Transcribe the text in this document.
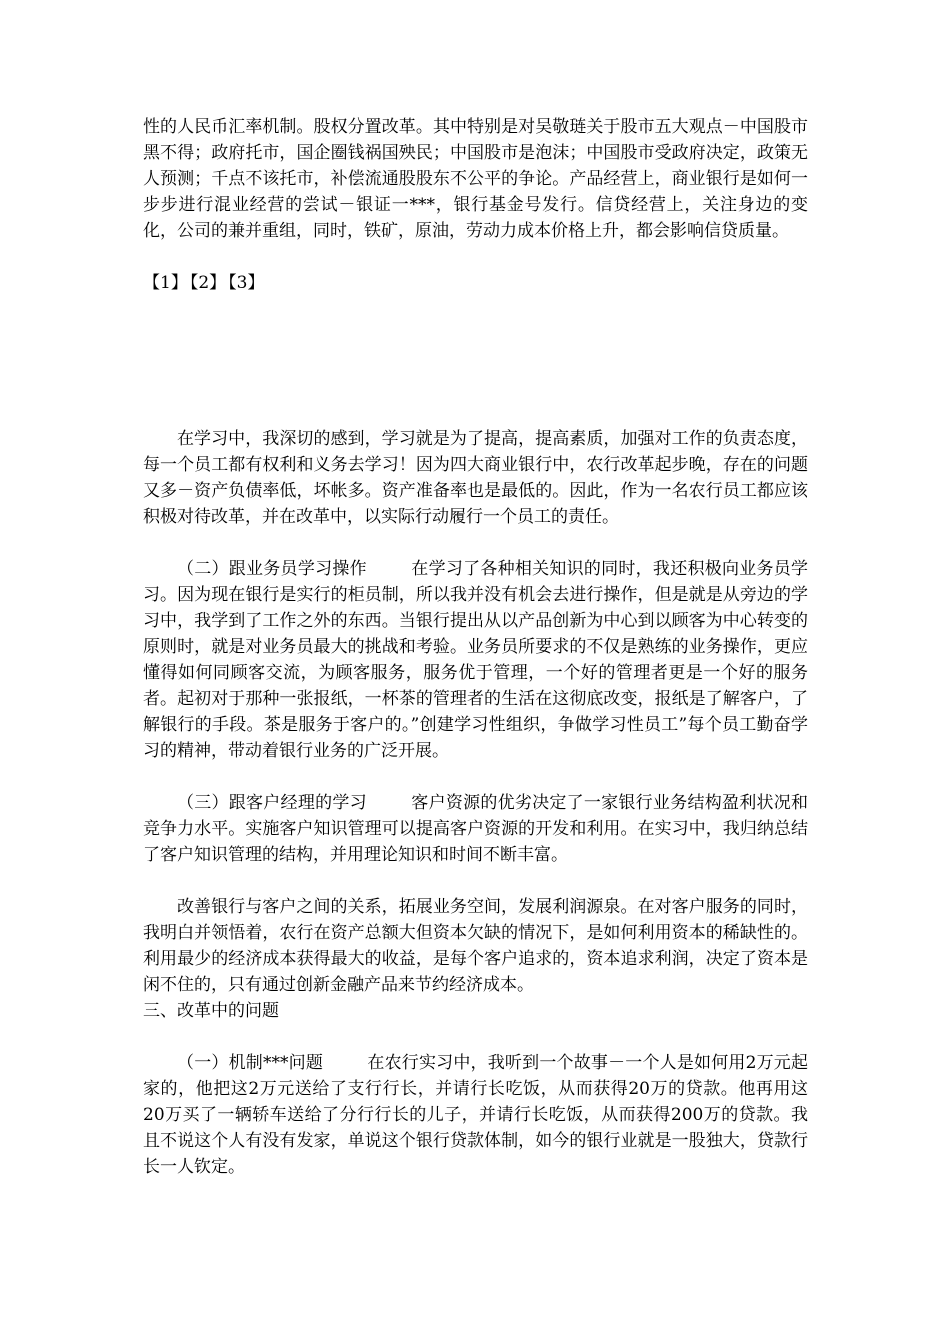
性的人民币汇率机制。股权分置改革。其中特别是对吴敬琏关于股市五大观点－中国股市黑不得；政府托市，国企圈钱祸国殃民；中国股市是泡沫；中国股市受政府决定，政策无人预测；千点不该托市，补偿流通股股东不公平的争论。产品经营上，商业银行是如何一步步进行混业经营的尝试－银证一***，银行基金号发行。信贷经营上，关注身边的变化，公司的兼并重组，同时，铁矿，原油，劳动力成本价格上升，都会影响信贷质量。

【1】 【2】 【3】

在学习中，我深切的感到，学习就是为了提高，提高素质，加强对工作的负责态度，每一个员工都有权利和义务去学习！因为四大商业银行中，农行改革起步晚，存在的问题又多－资产负债率低，坏帐多。资产准备率也是最低的。因此，作为一名农行员工都应该积极对待改革，并在改革中，以实际行动履行一个员工的责任。

（二）跟业务员学习操作	在学习了各种相关知识的同时，我还积极向业务员学习。因为现在银行是实行的柜员制，所以我并没有机会去进行操作，但是就是从旁边的学习中，我学到了工作之外的东西。当银行提出从以产品创新为中心到以顾客为中心转变的原则时，就是对业务员最大的挑战和考验。业务员所要求的不仅是熟练的业务操作，更应懂得如何同顾客交流，为顾客服务，服务优于管理，一个好的管理者更是一个好的服务者。起初对于那种一张报纸，一杯茶的管理者的生活在这彻底改变，报纸是了解客户，了解银行的手段。茶是服务于客户的。”创建学习性组织，争做学习性员工”每个员工勤奋学习的精神，带动着银行业务的广泛开展。

（三）跟客户经理的学习	客户资源的优劣决定了一家银行业务结构盈利状况和竞争力水平。实施客户知识管理可以提高客户资源的开发和利用。在实习中，我归纳总结了客户知识管理的结构，并用理论知识和时间不断丰富。

改善银行与客户之间的关系，拓展业务空间，发展利润源泉。在对客户服务的同时，我明白并领悟着，农行在资产总额大但资本欠缺的情况下，是如何利用资本的稀缺性的。利用最少的经济成本获得最大的收益，是每个客户追求的，资本追求利润，决定了资本是闲不住的，只有通过创新金融产品来节约经济成本。

三、改革中的问题

（一）机制***问题	在农行实习中，我听到一个故事－一个人是如何用2万元起家的，他把这2万元送给了支行行长，并请行长吃饭，从而获得20万的贷款。他再用这20万买了一辆轿车送给了分行行长的儿子，并请行长吃饭，从而获得200万的贷款。我且不说这个人有没有发家，单说这个银行贷款体制，如今的银行业就是一股独大，贷款行长一人钦定。
